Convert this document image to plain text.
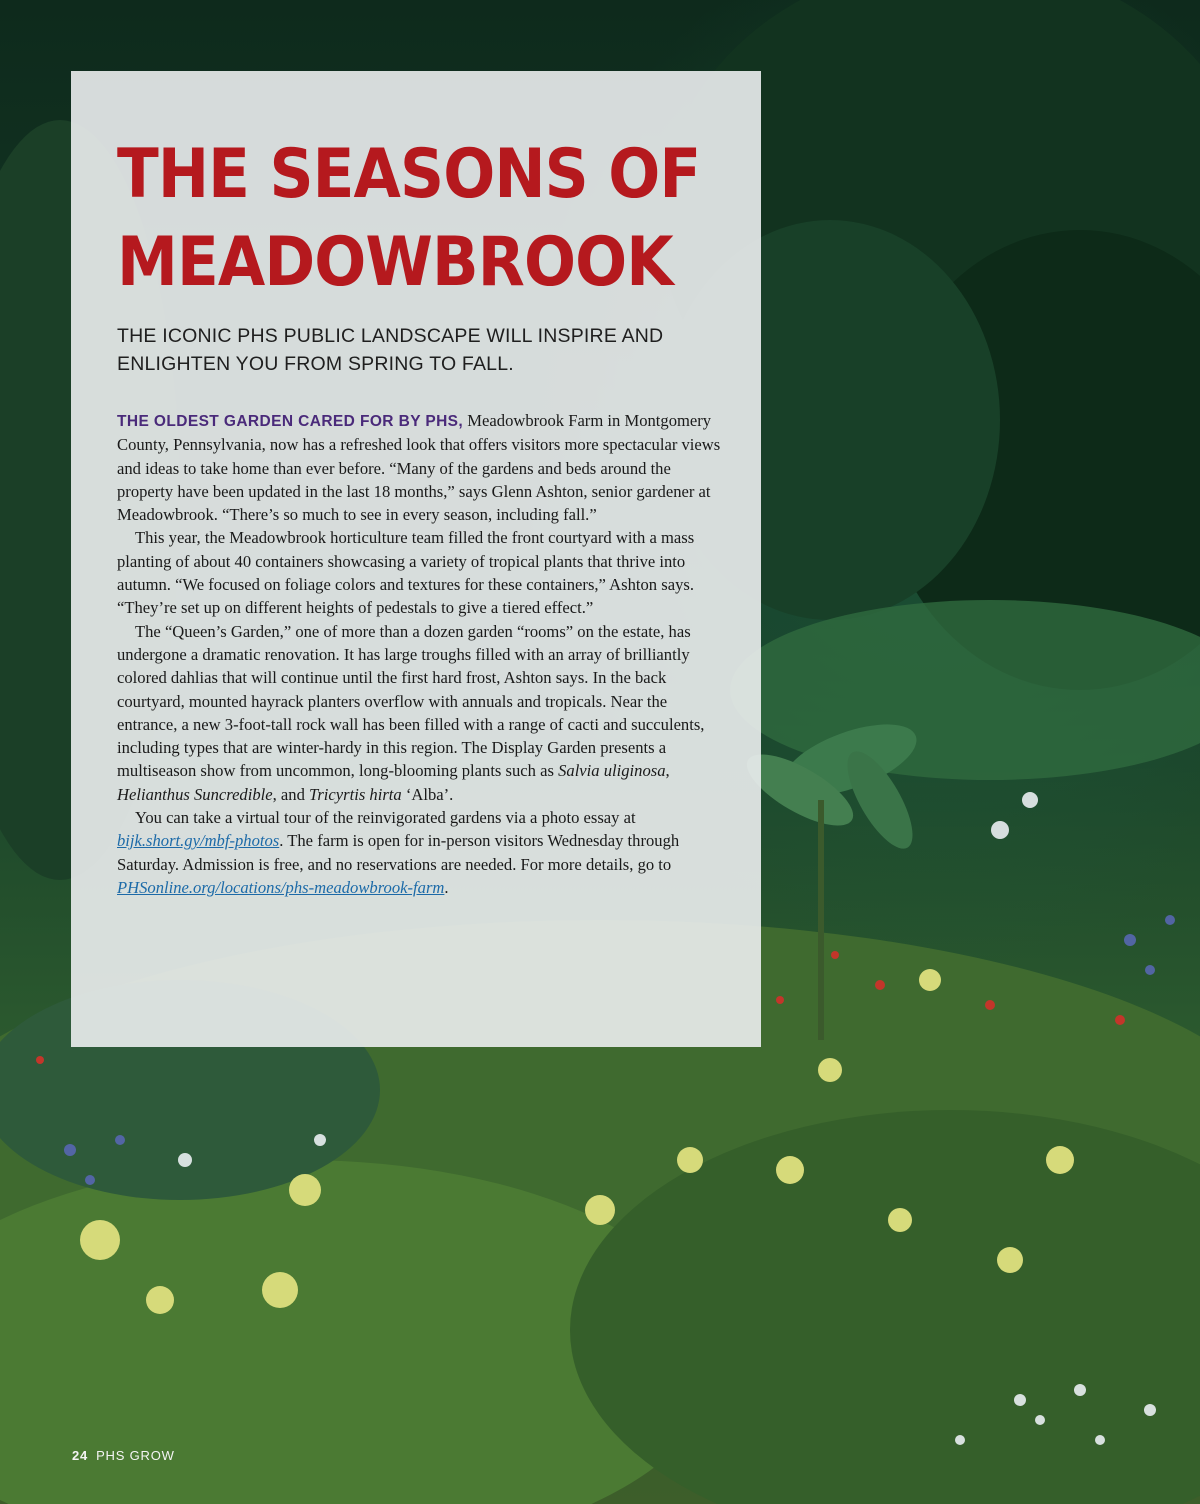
THE SEASONS OF
MEADOWBROOK
THE ICONIC PHS PUBLIC LANDSCAPE WILL INSPIRE AND
ENLIGHTEN YOU FROM SPRING TO FALL.

THE OLDEST GARDEN CARED FOR BY PHS, Meadowbrook Farm in Montgomery County, Pennsylvania, now has a refreshed look that offers visitors more spectacular views and ideas to take home than ever before. “Many of the gardens and beds around the property have been updated in the last 18 months,” says Glenn Ashton, senior gardener at Meadowbrook. “There’s so much to see in every season, including fall.”

This year, the Meadowbrook horticulture team filled the front courtyard with a mass planting of about 40 containers showcasing a variety of tropical plants that thrive into autumn. “We focused on foliage colors and textures for these containers,” Ashton says. “They’re set up on different heights of pedestals to give a tiered effect.”

The “Queen’s Garden,” one of more than a dozen garden “rooms” on the estate, has undergone a dramatic renovation. It has large troughs filled with an array of brilliantly colored dahlias that will continue until the first hard frost, Ashton says. In the back courtyard, mounted hayrack planters overflow with annuals and tropicals. Near the entrance, a new 3-foot-tall rock wall has been filled with a range of cacti and succulents, including types that are winter-hardy in this region. The Display Garden presents a multiseason show from uncommon, long-blooming plants such as Salvia uliginosa, Helianthus Suncredible, and Tricyrtis hirta ‘Alba’.

You can take a virtual tour of the reinvigorated gardens via a photo essay at bijk.short.gy/mbf-photos. The farm is open for in-person visitors Wednesday through Saturday. Admission is free, and no reservations are needed. For more details, go to PHSonline.org/locations/phs-meadowbrook-farm.

24 PHS GROW
